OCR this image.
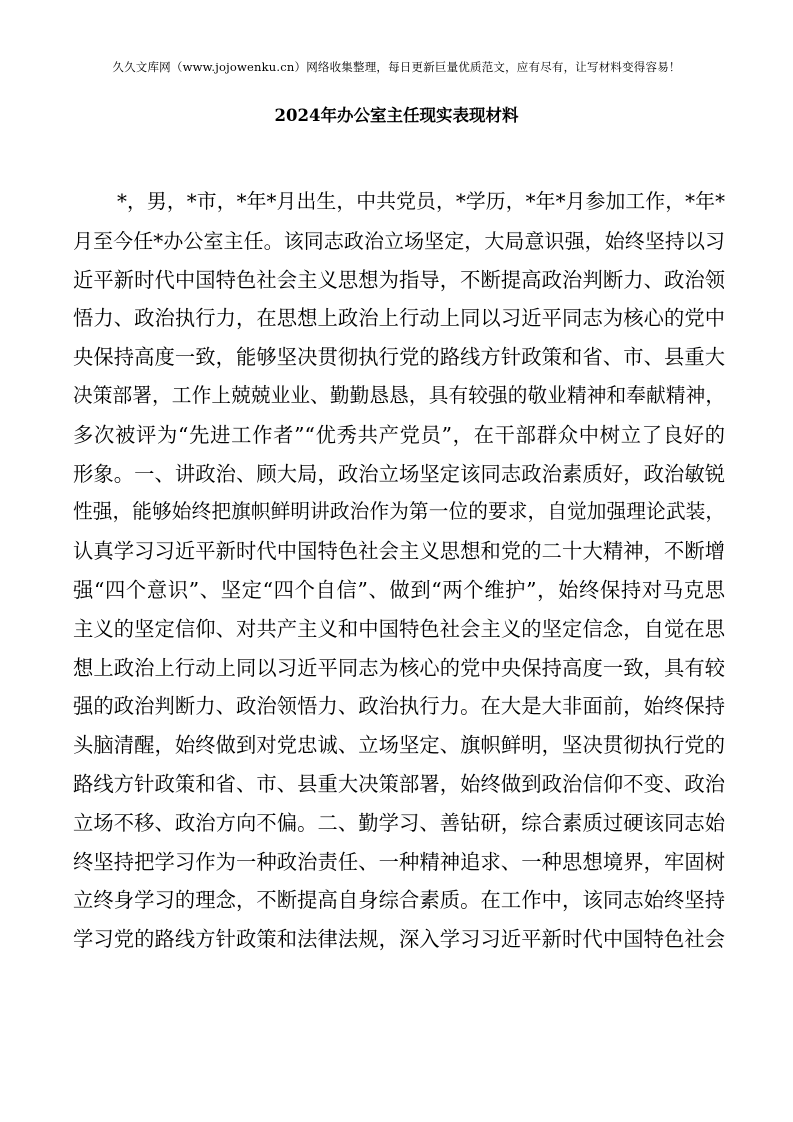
久久文库网（www.jojowenku.cn）网络收集整理，每日更新巨量优质范文，应有尽有，让写材料变得容易！
2024年办公室主任现实表现材料
*，男，*市，*年*月出生，中共党员，*学历，*年*月参加工作，*年*
月至今任*办公室主任。该同志政治立场坚定，大局意识强，始终坚持以习
近平新时代中国特色社会主义思想为指导，不断提高政治判断力、政治领
悟力、政治执行力，在思想上政治上行动上同以习近平同志为核心的党中
央保持高度一致，能够坚决贯彻执行党的路线方针政策和省、市、县重大
决策部署，工作上兢兢业业、勤勤恳恳，具有较强的敬业精神和奉献精神，
多次被评为“先进工作者”“优秀共产党员”，在干部群众中树立了良好的
形象。一、讲政治、顾大局，政治立场坚定该同志政治素质好，政治敏锐
性强，能够始终把旗帜鲜明讲政治作为第一位的要求，自觉加强理论武装，
认真学习习近平新时代中国特色社会主义思想和党的二十大精神，不断增
强“四个意识”、坚定“四个自信”、做到“两个维护”，始终保持对马克思
主义的坚定信仰、对共产主义和中国特色社会主义的坚定信念，自觉在思
想上政治上行动上同以习近平同志为核心的党中央保持高度一致，具有较
强的政治判断力、政治领悟力、政治执行力。在大是大非面前，始终保持
头脑清醒，始终做到对党忠诚、立场坚定、旗帜鲜明，坚决贯彻执行党的
路线方针政策和省、市、县重大决策部署，始终做到政治信仰不变、政治
立场不移、政治方向不偏。二、勤学习、善钻研，综合素质过硬该同志始
终坚持把学习作为一种政治责任、一种精神追求、一种思想境界，牢固树
立终身学习的理念，不断提高自身综合素质。在工作中，该同志始终坚持
学习党的路线方针政策和法律法规，深入学习习近平新时代中国特色社会
